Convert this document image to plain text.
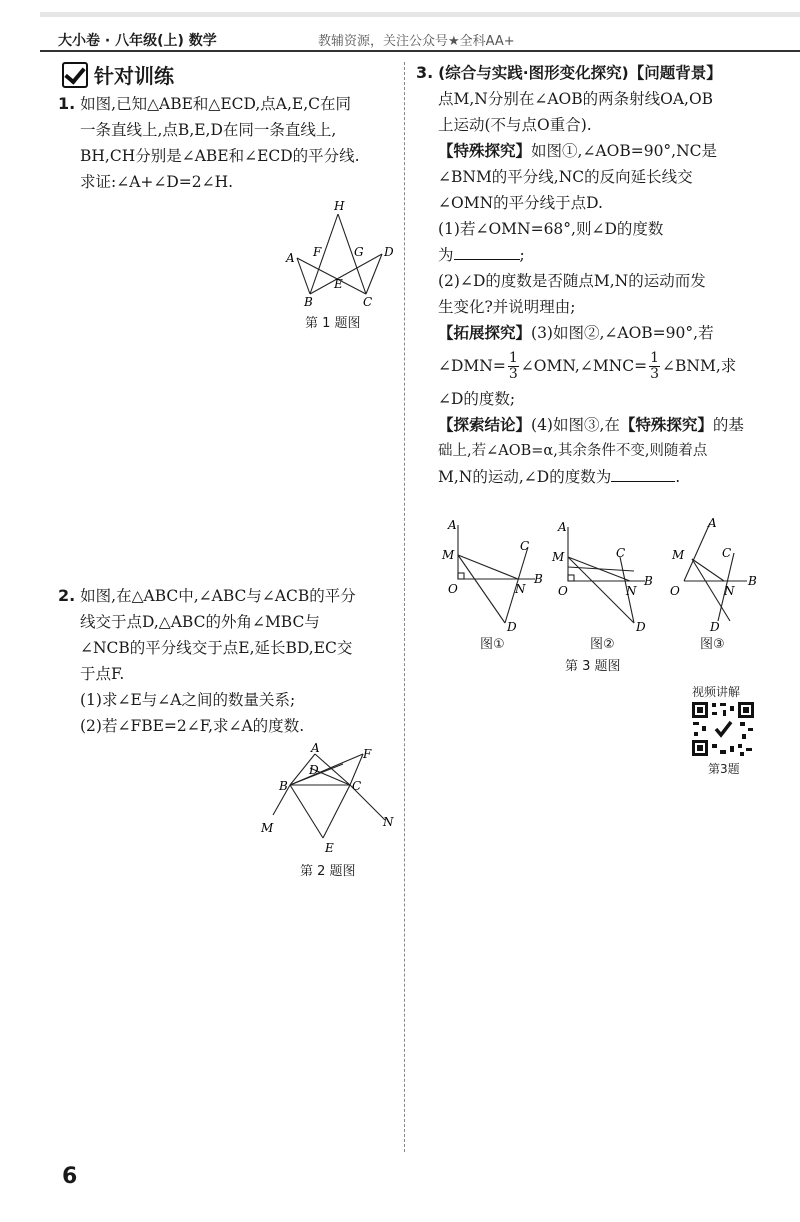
大小卷 · 八年级(上) 数学	教辅资源，关注公众号★全科AA+
针对训练
1. 如图,已知△ABE和△ECD,点A,E,C在同
一条直线上,点B,E,D在同一条直线上,
BH,CH分别是∠ABE和∠ECD的平分线.
求证:∠A+∠D=2∠H.
H
A F	G D
E
B	C
第 1 题图
2. 如图,在△ABC中,∠ABC与∠ACB的平分
线交于点D,△ABC的外角∠MBC与
∠NCB的平分线交于点E,延长BD,EC交
于点F.
(1)求∠E与∠A之间的数量关系;
(2)若∠FBE=2∠F,求∠A的度数.
A	F
D
B	C
M	N
E
第 2 题图
3. (综合与实践·图形变化探究)【问题背景】
点M,N分别在∠AOB的两条射线OA,OB
上运动(不与点O重合).
【特殊探究】如图①,∠AOB=90°,NC是
∠BNM的平分线,NC的反向延长线交
∠OMN的平分线于点D.
(1)若∠OMN=68°,则∠D的度数
为	;
(2)∠D的度数是否随点M,N的运动而发
生变化?并说明理由;
【拓展探究】(3)如图②,∠AOB=90°,若
∠DMN= $\frac{1}{3}$ ∠OMN,∠MNC= $\frac{1}{3}$ ∠BNM,求
∠D的度数;
【探索结论】(4)如图③,在【特殊探究】的基
础上,若∠AOB=α,其余条件不变,则随着点
M,N的运动,∠D的度数为	.
A
M
O
C
B
N
D
A
M
O
C
B
N
D
A
M
O
C
B
N
D
图①	图②	图③
第 3 题图
视频讲解
第3题
6
